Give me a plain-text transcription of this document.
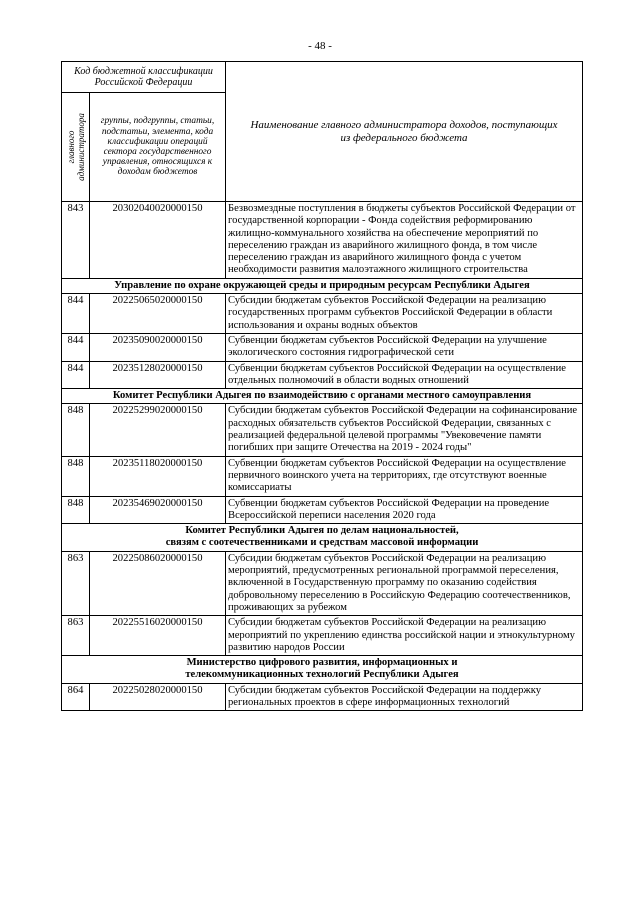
- 48 -
Код бюджетной классификации Российской Федерации		Наименование главного администратора доходов, поступающих из федерального бюджета

главного администратора	группы, подгруппы, статьи, подстатьи, элемента, кода классификации операций сектора государственного управления, относящихся к доходам бюджетов	
843	20302040020000150	Безвозмездные поступления в бюджеты субъектов Российской Федерации от государственной корпорации - Фонда содействия реформированию жилищно-коммунального хозяйства на обеспечение мероприятий по переселению граждан из аварийного жилищного фонда, в том числе переселению граждан из аварийного жилищного фонда с учетом необходимости развития малоэтажного жилищного строительства

Управление по охране окружающей среды и природным ресурсам Республики Адыгея		

844	20225065020000150	Субсидии бюджетам субъектов Российской Федерации на реализацию государственных программ субъектов Российской Федерации в области использования и охраны водных объектов
844	20235090020000150	Субвенции бюджетам субъектов Российской Федерации на улучшение экологического состояния гидрографической сети
844	20235128020000150	Субвенции бюджетам субъектов Российской Федерации на осуществление отдельных полномочий в области водных отношений

Комитет Республики Адыгея по взаимодействию с органами местного самоуправления		

848	20225299020000150	Субсидии бюджетам субъектов Российской Федерации на софинансирование расходных обязательств субъектов Российской Федерации, связанных с реализацией федеральной целевой программы "Увековечение памяти погибших при защите Отечества на 2019 - 2024 годы"
848	20235118020000150	Субвенции бюджетам субъектов Российской Федерации на осуществление первичного воинского учета на территориях, где отсутствуют военные комиссариаты
848	20235469020000150	Субвенции бюджетам субъектов Российской Федерации на проведение Всероссийской переписи населения 2020 года

Комитет Республики Адыгея по делам национальностей,
связям с соотечественниками и средствам массовой информации		

863	20225086020000150	Субсидии бюджетам субъектов Российской Федерации на реализацию мероприятий, предусмотренных региональной программой переселения, включенной в Государственную программу по оказанию содействия добровольному переселению в Российскую Федерацию соотечественников, проживающих за рубежом
863	20225516020000150	Субсидии бюджетам субъектов Российской Федерации на реализацию мероприятий по укреплению единства российской нации и этнокультурному развитию народов России

Министерство цифрового развития, информационных и
телекоммуникационных технологий Республики Адыгея		

864	20225028020000150	Субсидии бюджетам субъектов Российской Федерации на поддержку региональных проектов в сфере информационных технологий
